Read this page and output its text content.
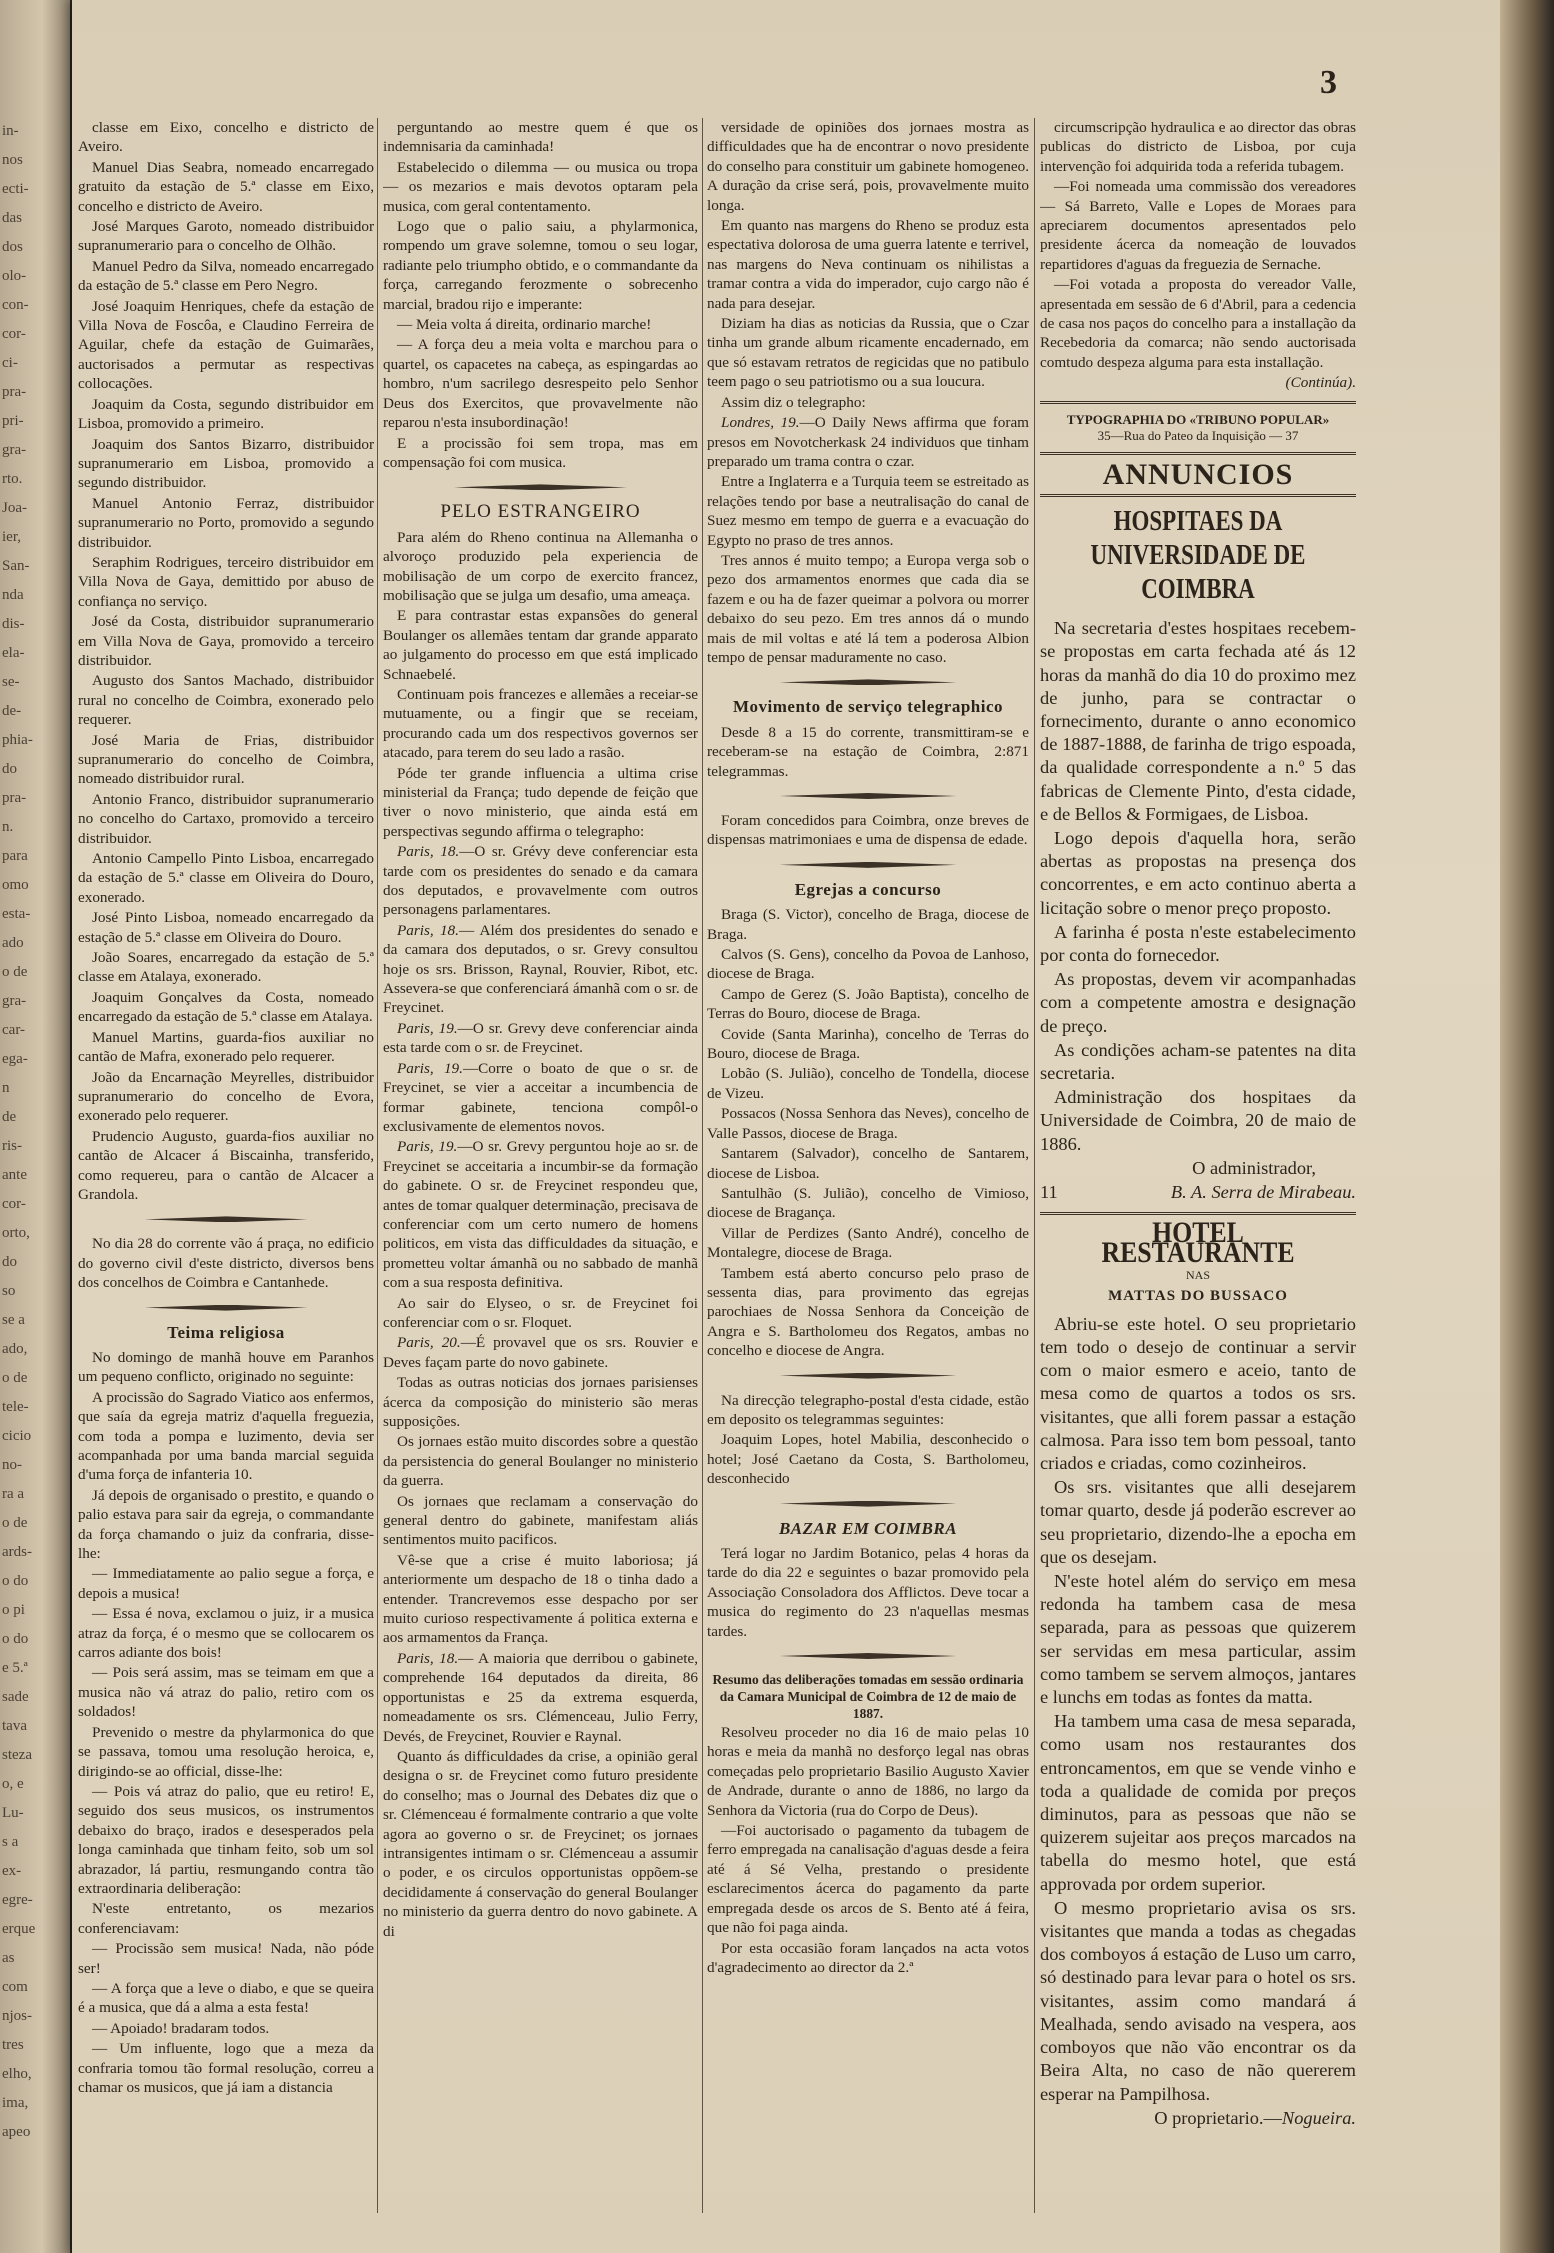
in-
nos
ecti-
das
dos
olo-
con-
cor-
ci-
pra-
pri-
gra-
rto.
Joa-
ier,
San-
nda
dis-
ela-
se-
de-
phia-
do
pra-
n.
para
omo
esta-
ado
o de
gra-
car-
ega-
n
de
ris-
ante
cor-
orto,
do
so
se a
ado,
o de
tele-
cicio
no-
ra a
o de
ards-
o do
o pi
o do
e 5.ª
sade
tava
steza
o, e
Lu-
s a
ex-
egre-
erque
as
com
njos-
tres
elho,
ima,
apeo
3

classe em Eixo, concelho e districto de Aveiro.

Manuel Dias Seabra, nomeado encarregado gratuito da estação de 5.ª classe em Eixo, concelho e districto de Aveiro.

José Marques Garoto, nomeado distribuidor supranumerario para o concelho de Olhão.

Manuel Pedro da Silva, nomeado encarregado da estação de 5.ª classe em Pero Negro.

José Joaquim Henriques, chefe da estação de Villa Nova de Foscôa, e Claudino Ferreira de Aguilar, chefe da estação de Guimarães, auctorisados a permutar as respectivas collocações.

Joaquim da Costa, segundo distribuidor em Lisboa, promovido a primeiro.

Joaquim dos Santos Bizarro, distribuidor supranumerario em Lisboa, promovido a segundo distribuidor.

Manuel Antonio Ferraz, distribuidor supranumerario no Porto, promovido a segundo distribuidor.

Seraphim Rodrigues, terceiro distribuidor em Villa Nova de Gaya, demittido por abuso de confiança no serviço.

José da Costa, distribuidor supranumerario em Villa Nova de Gaya, promovido a terceiro distribuidor.

Augusto dos Santos Machado, distribuidor rural no concelho de Coimbra, exonerado pelo requerer.

José Maria de Frias, distribuidor supranumerario do concelho de Coimbra, nomeado distribuidor rural.

Antonio Franco, distribuidor supranumerario no concelho do Cartaxo, promovido a terceiro distribuidor.

Antonio Campello Pinto Lisboa, encarregado da estação de 5.ª classe em Oliveira do Douro, exonerado.

José Pinto Lisboa, nomeado encarregado da estação de 5.ª classe em Oliveira do Douro.

João Soares, encarregado da estação de 5.ª classe em Atalaya, exonerado.

Joaquim Gonçalves da Costa, nomeado encarregado da estação de 5.ª classe em Atalaya.

Manuel Martins, guarda-fios auxiliar no cantão de Mafra, exonerado pelo requerer.

João da Encarnação Meyrelles, distribuidor supranumerario do concelho de Evora, exonerado pelo requerer.

Prudencio Augusto, guarda-fios auxiliar no cantão de Alcacer á Biscainha, transferido, como requereu, para o cantão de Alcacer a Grandola.

No dia 28 do corrente vão á praça, no edificio do governo civil d'este districto, diversos bens dos concelhos de Coimbra e Cantanhede.

Teima religiosa

No domingo de manhã houve em Paranhos um pequeno conflicto, originado no seguinte:

A procissão do Sagrado Viatico aos enfermos, que saía da egreja matriz d'aquella freguezia, com toda a pompa e luzimento, devia ser acompanhada por uma banda marcial seguida d'uma força de infanteria 10.

Já depois de organisado o prestito, e quando o palio estava para sair da egreja, o commandante da força chamando o juiz da confraria, disse-lhe:

— Immediatamente ao palio segue a força, e depois a musica!

— Essa é nova, exclamou o juiz, ir a musica atraz da força, é o mesmo que se collocarem os carros adiante dos bois!

— Pois será assim, mas se teimam em que a musica não vá atraz do palio, retiro com os soldados!

Prevenido o mestre da phylarmonica do que se passava, tomou uma resolução heroica, e, dirigindo-se ao official, disse-lhe:

— Pois vá atraz do palio, que eu retiro! E, seguido dos seus musicos, os instrumentos debaixo do braço, irados e desesperados pela longa caminhada que tinham feito, sob um sol abrazador, lá partiu, resmungando contra tão extraordinaria deliberação:

N'este entretanto, os mezarios conferenciavam:

— Procissão sem musica! Nada, não póde ser!

— A força que a leve o diabo, e que se queira é a musica, que dá a alma a esta festa!

— Apoiado! bradaram todos.

— Um influente, logo que a meza da confraria tomou tão formal resolução, correu a chamar os musicos, que já iam a distancia

perguntando ao mestre quem é que os indemnisaria da caminhada!

Estabelecido o dilemma — ou musica ou tropa — os mezarios e mais devotos optaram pela musica, com geral contentamento.

Logo que o palio saiu, a phylarmonica, rompendo um grave solemne, tomou o seu logar, radiante pelo triumpho obtido, e o commandante da força, carregando ferozmente o sobrecenho marcial, bradou rijo e imperante:

— Meia volta á direita, ordinario marche!

— A força deu a meia volta e marchou para o quartel, os capacetes na cabeça, as espingardas ao hombro, n'um sacrilego desrespeito pelo Senhor Deus dos Exercitos, que provavelmente não reparou n'esta insubordinação!

E a procissão foi sem tropa, mas em compensação foi com musica.

PELO ESTRANGEIRO

Para além do Rheno continua na Allemanha o alvoroço produzido pela experiencia de mobilisação de um corpo de exercito francez, mobilisação que se julga um desafio, uma ameaça.

E para contrastar estas expansões do general Boulanger os allemães tentam dar grande apparato ao julgamento do processo em que está implicado Schnaebelé.

Continuam pois francezes e allemães a receiar-se mutuamente, ou a fingir que se receiam, procurando cada um dos respectivos governos ser atacado, para terem do seu lado a rasão.

Póde ter grande influencia a ultima crise ministerial da França; tudo depende de feição que tiver o novo ministerio, que ainda está em perspectivas segundo affirma o telegrapho:

Paris, 18.—O sr. Grévy deve conferenciar esta tarde com os presidentes do senado e da camara dos deputados, e provavelmente com outros personagens parlamentares.

Paris, 18.— Além dos presidentes do senado e da camara dos deputados, o sr. Grevy consultou hoje os srs. Brisson, Raynal, Rouvier, Ribot, etc. Assevera-se que conferenciará ámanhã com o sr. de Freycinet.

Paris, 19.—O sr. Grevy deve conferenciar ainda esta tarde com o sr. de Freycinet.

Paris, 19.—Corre o boato de que o sr. de Freycinet, se vier a acceitar a incumbencia de formar gabinete, tenciona compôl-o exclusivamente de elementos novos.

Paris, 19.—O sr. Grevy perguntou hoje ao sr. de Freycinet se acceitaria a incumbir-se da formação do gabinete. O sr. de Freycinet respondeu que, antes de tomar qualquer determinação, precisava de conferenciar com um certo numero de homens politicos, em vista das difficuldades da situação, e prometteu voltar ámanhã ou no sabbado de manhã com a sua resposta definitiva.

Ao sair do Elyseo, o sr. de Freycinet foi conferenciar com o sr. Floquet.

Paris, 20.—É provavel que os srs. Rouvier e Deves façam parte do novo gabinete.

Todas as outras noticias dos jornaes parisienses ácerca da composição do ministerio são meras supposições.

Os jornaes estão muito discordes sobre a questão da persistencia do general Boulanger no ministerio da guerra.

Os jornaes que reclamam a conservação do general dentro do gabinete, manifestam aliás sentimentos muito pacificos.

Vê-se que a crise é muito laboriosa; já anteriormente um despacho de 18 o tinha dado a entender. Trancrevemos esse despacho por ser muito curioso respectivamente á politica externa e aos armamentos da França.

Paris, 18.— A maioria que derribou o gabinete, comprehende 164 deputados da direita, 86 opportunistas e 25 da extrema esquerda, nomeadamente os srs. Clémenceau, Julio Ferry, Devés, de Freycinet, Rouvier e Raynal.

Quanto ás difficuldades da crise, a opinião geral designa o sr. de Freycinet como futuro presidente do conselho; mas o Journal des Debates diz que o sr. Clémenceau é formalmente contrario a que volte agora ao governo o sr. de Freycinet; os jornaes intransigentes intimam o sr. Clémenceau a assumir o poder, e os circulos opportunistas oppõem-se decididamente á conservação do general Boulanger no ministerio da guerra dentro do novo gabinete. A di

versidade de opiniões dos jornaes mostra as difficuldades que ha de encontrar o novo presidente do conselho para constituir um gabinete homogeneo. A duração da crise será, pois, provavelmente muito longa.

Em quanto nas margens do Rheno se produz esta espectativa dolorosa de uma guerra latente e terrivel, nas margens do Neva continuam os nihilistas a tramar contra a vida do imperador, cujo cargo não é nada para desejar.

Diziam ha dias as noticias da Russia, que o Czar tinha um grande album ricamente encadernado, em que só estavam retratos de regicidas que no patibulo teem pago o seu patriotismo ou a sua loucura.

Assim diz o telegrapho:

Londres, 19.—O Daily News affirma que foram presos em Novotcherkask 24 individuos que tinham preparado um trama contra o czar.

Entre a Inglaterra e a Turquia teem se estreitado as relações tendo por base a neutralisação do canal de Suez mesmo em tempo de guerra e a evacuação do Egypto no praso de tres annos.

Tres annos é muito tempo; a Europa verga sob o pezo dos armamentos enormes que cada dia se fazem e ou ha de fazer queimar a polvora ou morrer debaixo do seu pezo. Em tres annos dá o mundo mais de mil voltas e até lá tem a poderosa Albion tempo de pensar maduramente no caso.

Movimento de serviço telegraphico

Desde 8 a 15 do corrente, transmittiram-se e receberam-se na estação de Coimbra, 2:871 telegrammas.

Foram concedidos para Coimbra, onze breves de dispensas matrimoniaes e uma de dispensa de edade.

Egrejas a concurso

Braga (S. Victor), concelho de Braga, diocese de Braga.

Calvos (S. Gens), concelho da Povoa de Lanhoso, diocese de Braga.

Campo de Gerez (S. João Baptista), concelho de Terras do Bouro, diocese de Braga.

Covide (Santa Marinha), concelho de Terras do Bouro, diocese de Braga.

Lobão (S. Julião), concelho de Tondella, diocese de Vizeu.

Possacos (Nossa Senhora das Neves), concelho de Valle Passos, diocese de Braga.

Santarem (Salvador), concelho de Santarem, diocese de Lisboa.

Santulhão (S. Julião), concelho de Vimioso, diocese de Bragança.

Villar de Perdizes (Santo André), concelho de Montalegre, diocese de Braga.

Tambem está aberto concurso pelo praso de sessenta dias, para provimento das egrejas parochiaes de Nossa Senhora da Conceição de Angra e S. Bartholomeu dos Regatos, ambas no concelho e diocese de Angra.

Na direcção telegrapho-postal d'esta cidade, estão em deposito os telegrammas seguintes:

Joaquim Lopes, hotel Mabilia, desconhecido o hotel; José Caetano da Costa, S. Bartholomeu, desconhecido

BAZAR EM COIMBRA

Terá logar no Jardim Botanico, pelas 4 horas da tarde do dia 22 e seguintes o bazar promovido pela Associação Consoladora dos Afflictos. Deve tocar a musica do regimento do 23 n'aquellas mesmas tardes.

Resumo das deliberações tomadas em sessão ordinaria da Camara Municipal de Coimbra de 12 de maio de 1887.

Resolveu proceder no dia 16 de maio pelas 10 horas e meia da manhã no desforço legal nas obras começadas pelo proprietario Basilio Augusto Xavier de Andrade, durante o anno de 1886, no largo da Senhora da Victoria (rua do Corpo de Deus).

—Foi auctorisado o pagamento da tubagem de ferro empregada na canalisação d'aguas desde a feira até á Sé Velha, prestando o presidente esclarecimentos ácerca do pagamento da parte empregada desde os arcos de S. Bento até á feira, que não foi paga ainda.

Por esta occasião foram lançados na acta votos d'agradecimento ao director da 2.ª

circumscripção hydraulica e ao director das obras publicas do districto de Lisboa, por cuja intervenção foi adquirida toda a referida tubagem.

—Foi nomeada uma commissão dos vereadores — Sá Barreto, Valle e Lopes de Moraes para apreciarem documentos apresentados pelo presidente ácerca da nomeação de louvados repartidores d'aguas da freguezia de Sernache.

—Foi votada a proposta do vereador Valle, apresentada em sessão de 6 d'Abril, para a cedencia de casa nos paços do concelho para a installação da Recebedoria da comarca; não sendo auctorisada comtudo despeza alguma para esta installação.

(Continúa).

TYPOGRAPHIA DO «TRIBUNO POPULAR»
35—Rua do Pateo da Inquisição — 37
ANNUNCIOS
HOSPITAES DA UNIVERSIDADE DE COIMBRA

Na secretaria d'estes hospitaes recebem-se propostas em carta fechada até ás 12 horas da manhã do dia 10 do proximo mez de junho, para se contractar o fornecimento, durante o anno economico de 1887-1888, de farinha de trigo espoada, da qualidade correspondente a n.º 5 das fabricas de Clemente Pinto, d'esta cidade, e de Bellos & Formigaes, de Lisboa.

Logo depois d'aquella hora, serão abertas as propostas na presença dos concorrentes, e em acto continuo aberta a licitação sobre o menor preço proposto.

A farinha é posta n'este estabelecimento por conta do fornecedor.

As propostas, devem vir acompanhadas com a competente amostra e designação de preço.

As condições acham-se patentes na dita secretaria.

Administração dos hospitaes da Universidade de Coimbra, 20 de maio de 1886.

O administrador,

11	B. A. Serra de Mirabeau.
HOTEL RESTAURANTE
NAS
MATTAS DO BUSSACO

Abriu-se este hotel. O seu proprietario tem todo o desejo de continuar a servir com o maior esmero e aceio, tanto de mesa como de quartos a todos os srs. visitantes, que alli forem passar a estação calmosa. Para isso tem bom pessoal, tanto criados e criadas, como cozinheiros.

Os srs. visitantes que alli desejarem tomar quarto, desde já poderão escrever ao seu proprietario, dizendo-lhe a epocha em que os desejam.

N'este hotel além do serviço em mesa redonda ha tambem casa de mesa separada, para as pessoas que quizerem ser servidas em mesa particular, assim como tambem se servem almoços, jantares e lunchs em todas as fontes da matta.

Ha tambem uma casa de mesa separada, como usam nos restaurantes dos entroncamentos, em que se vende vinho e toda a qualidade de comida por preços diminutos, para as pessoas que não se quizerem sujeitar aos preços marcados na tabella do mesmo hotel, que está approvada por ordem superior.

O mesmo proprietario avisa os srs. visitantes que manda a todas as chegadas dos comboyos á estação de Luso um carro, só destinado para levar para o hotel os srs. visitantes, assim como mandará á Mealhada, sendo avisado na vespera, aos comboyos que não vão encontrar os da Beira Alta, no caso de não quererem esperar na Pampilhosa.

O proprietario.—Nogueira.
